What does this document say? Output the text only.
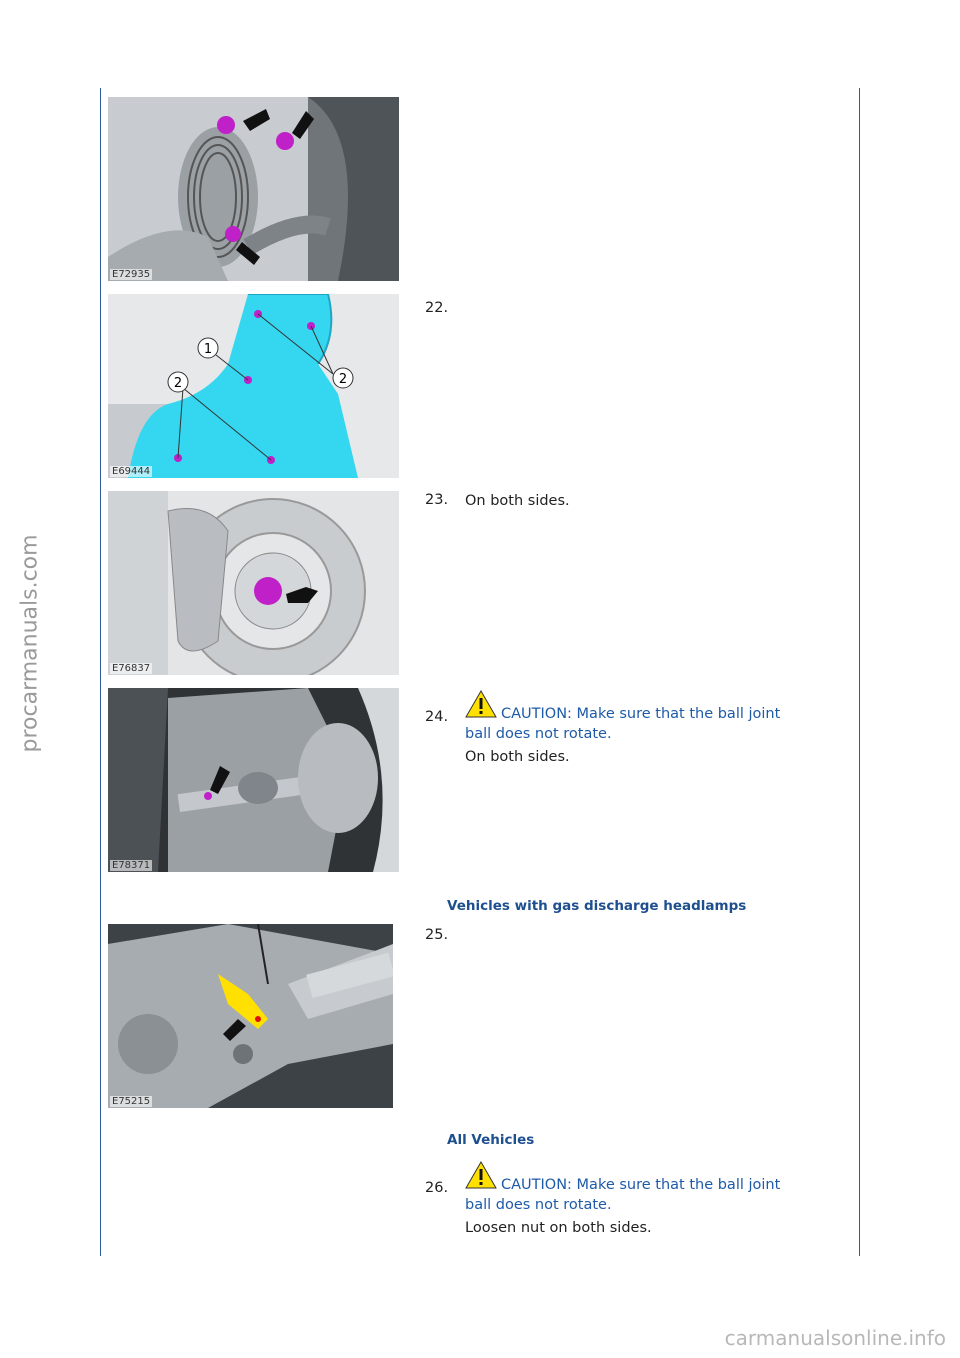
procarmanuals.com
carmanualsonline.info
E72935
1
2	2
E69444
22.
E76837
23. On both sides.
E78371
24.	CAUTION: Make sure that the ball joint
ball does not rotate.
On both sides.
Vehicles with gas discharge headlamps
E75215
25.
All Vehicles
26.	CAUTION: Make sure that the ball joint
ball does not rotate.
Loosen nut on both sides.
